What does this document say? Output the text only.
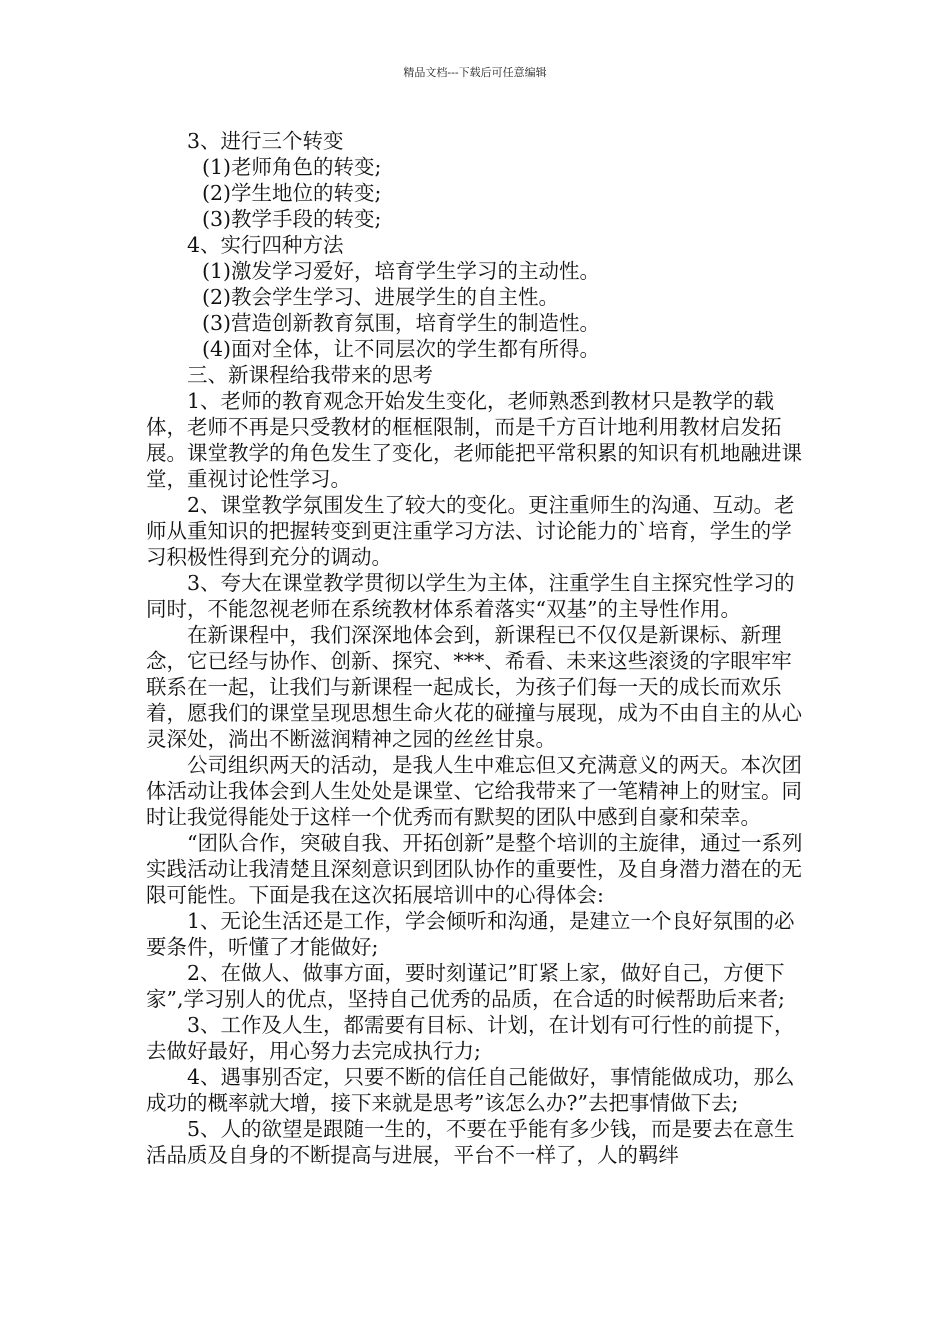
精品文档---下载后可任意编辑

3、进行三个转变

(1)老师角色的转变;

(2)学生地位的转变;

(3)教学手段的转变;

4、实行四种方法

(1)激发学习爱好，培育学生学习的主动性。

(2)教会学生学习、进展学生的自主性。

(3)营造创新教育氛围，培育学生的制造性。

(4)面对全体，让不同层次的学生都有所得。

三、新课程给我带来的思考

1、老师的教育观念开始发生变化，老师熟悉到教材只是教学的载体，老师不再是只受教材的框框限制，而是千方百计地利用教材启发拓展。课堂教学的角色发生了变化，老师能把平常积累的知识有机地融进课堂，重视讨论性学习。

2、课堂教学氛围发生了较大的变化。更注重师生的沟通、互动。老师从重知识的把握转变到更注重学习方法、讨论能力的`培育，学生的学习积极性得到充分的调动。

3、夸大在课堂教学贯彻以学生为主体，注重学生自主探究性学习的同时，不能忽视老师在系统教材体系着落实“双基”的主导性作用。

在新课程中，我们深深地体会到，新课程已不仅仅是新课标、新理念，它已经与协作、创新、探究、***、希看、未来这些滚烫的字眼牢牢联系在一起，让我们与新课程一起成长，为孩子们每一天的成长而欢乐着，愿我们的课堂呈现思想生命火花的碰撞与展现，成为不由自主的从心灵深处，淌出不断滋润精神之园的丝丝甘泉。

公司组织两天的活动，是我人生中难忘但又充满意义的两天。本次团体活动让我体会到人生处处是课堂、它给我带来了一笔精神上的财宝。同时让我觉得能处于这样一个优秀而有默契的团队中感到自豪和荣幸。

“团队合作，突破自我、开拓创新”是整个培训的主旋律，通过一系列实践活动让我清楚且深刻意识到团队协作的重要性，及自身潜力潜在的无限可能性。下面是我在这次拓展培训中的心得体会:

1、无论生活还是工作，学会倾听和沟通，是建立一个良好氛围的必要条件，听懂了才能做好;

2、在做人、做事方面，要时刻谨记”盯紧上家，做好自己，方便下家”,学习别人的优点，坚持自己优秀的品质，在合适的时候帮助后来者;

3、工作及人生，都需要有目标、计划，在计划有可行性的前提下，去做好最好，用心努力去完成执行力;

4、遇事别否定，只要不断的信任自己能做好，事情能做成功，那么成功的概率就大增，接下来就是思考”该怎么办?”去把事情做下去;

5、人的欲望是跟随一生的，不要在乎能有多少钱，而是要去在意生活品质及自身的不断提高与进展，平台不一样了，人的羁绊
